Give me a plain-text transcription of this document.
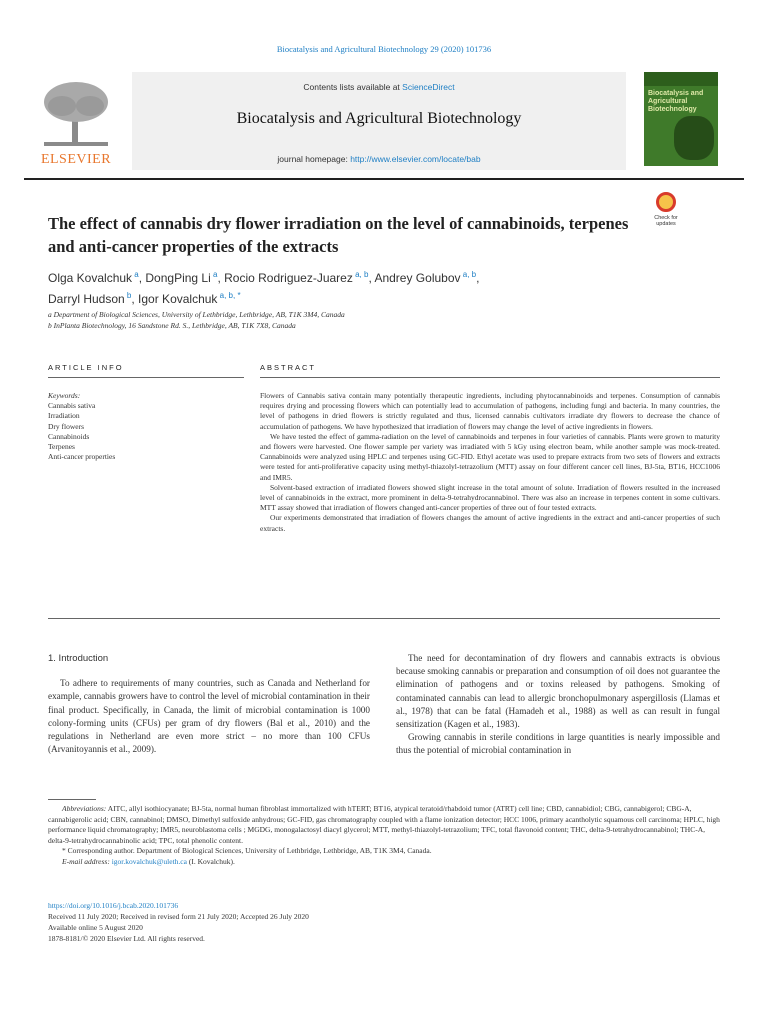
Biocatalysis and Agricultural Biotechnology 29 (2020) 101736
ELSEVIER
Contents lists available at ScienceDirect
Biocatalysis and Agricultural Biotechnology
journal homepage: http://www.elsevier.com/locate/bab
Biocatalysis and Agricultural Biotechnology
The effect of cannabis dry flower irradiation on the level of cannabinoids, terpenes and anti-cancer properties of the extracts
Check for updates
Olga Kovalchuk $^a$, DongPing Li $^a$, Rocio Rodriguez-Juarez $^{a, b}$, Andrey Golubov $^{a, b}$,
Darryl Hudson $^b$, Igor Kovalchuk $^{a, b, *}$
a Department of Biological Sciences, University of Lethbridge, Lethbridge, AB, T1K 3M4, Canada
b InPlanta Biotechnology, 16 Sandstone Rd. S., Lethbridge, AB, T1K 7X8, Canada
ARTICLE INFO	ABSTRACT
Keywords:
Cannabis sativa
Irradiation
Dry flowers
Cannabinoids
Terpenes
Anti-cancer properties

Flowers of Cannabis sativa contain many potentially therapeutic ingredients, including phytocannabinoids and terpenes. Consumption of cannabis requires drying and processing flowers which can potentially lead to accumulation of pathogens, including fungi and bacteria. In many countries, the level of pathogens in dried flowers is strictly regulated and thus, licensed cannabis cultivators irradiate dry flowers to decrease the chance of accumulation of pathogens. We have hypothesized that irradiation of flowers may change the level of active ingredients in flowers.

We have tested the effect of gamma-radiation on the level of cannabinoids and terpenes in four varieties of cannabis. Plants were grown to maturity and flowers were harvested. One flower sample per variety was irradiated with 5 kGy using electron beam, while another sample was mock-treated. Cannabinoids were analyzed using HPLC and terpenes using GC-FID. Ethyl acetate was used to prepare extracts from two sets of flowers and extracts were tested for anti-proliferative capacity using methyl-thiazolyl-tetrazolium (MTT) assay on four different cancer cell lines, BJ-5ta, BT16, HCC1006 and IMR5.

Solvent-based extraction of irradiated flowers showed slight increase in the total amount of solute. Irradiation of flowers resulted in the increased level of cannabinoids in the extract, more prominent in delta-9-tetrahydrocannabinol. There was also an increase in terpenes content in some cultivars. MTT assay showed that irradiation of flowers changed anti-cancer properties of three out of four tested extracts.

Our experiments demonstrated that irradiation of flowers changes the amount of active ingredients in the extract and anti-cancer properties of such extracts.

1. Introduction

To adhere to requirements of many countries, such as Canada and Netherland for example, cannabis growers have to control the level of microbial contamination in their final product. Specifically, in Canada, the limit of microbial contamination is 1000 colony-forming units (CFUs) per gram of dry flowers (Bal et al., 2010) and the regulations in Netherland are even more strict – no more than 100 CFUs (Arvanitoyannis et al., 2009).

The need for decontamination of dry flowers and cannabis extracts is obvious because smoking cannabis or preparation and consumption of oil does not guarantee the elimination of pathogens and or toxins released by pathogens. Smoking of contaminated cannabis can lead to allergic bronchopulmonary aspergillosis (Llamas et al., 1978) that can be fatal (Hamadeh et al., 1988) as well as can result in fungal sensitization (Kagen et al., 1983).

Growing cannabis in sterile conditions in large quantities is nearly impossible and thus the potential of microbial contamination in

Abbreviations: AITC, allyl isothiocyanate; BJ-5ta, normal human fibroblast immortalized with hTERT; BT16, atypical teratoid/rhabdoid tumor (ATRT) cell line; CBD, cannabidiol; CBG, cannabigerol; CBG-A, cannabigerolic acid; CBN, cannabinol; DMSO, Dimethyl sulfoxide anhydrous; GC-FID, gas chromatography coupled with a flame ionization detector; HCC 1006, primary acantholytic squamous cell carcinoma; HPLC, high performance liquid chromatography; IMR5, neuroblastoma cells ; MGDG, monogalactosyl diacyl glycerol; MTT, methyl-thiazolyl-tetrazolium; TFC, total flavonoid content; THC, delta-9-tetrahydrocannabinol; THC-A, delta-9-tetrahydrocannabinolic acid; TPC, total phenolic content.

* Corresponding author. Department of Biological Sciences, University of Lethbridge, Lethbridge, AB, T1K 3M4, Canada.

E-mail address: igor.kovalchuk@uleth.ca (I. Kovalchuk).

https://doi.org/10.1016/j.bcab.2020.101736
Received 11 July 2020; Received in revised form 21 July 2020; Accepted 26 July 2020
Available online 5 August 2020
1878-8181/© 2020 Elsevier Ltd. All rights reserved.
